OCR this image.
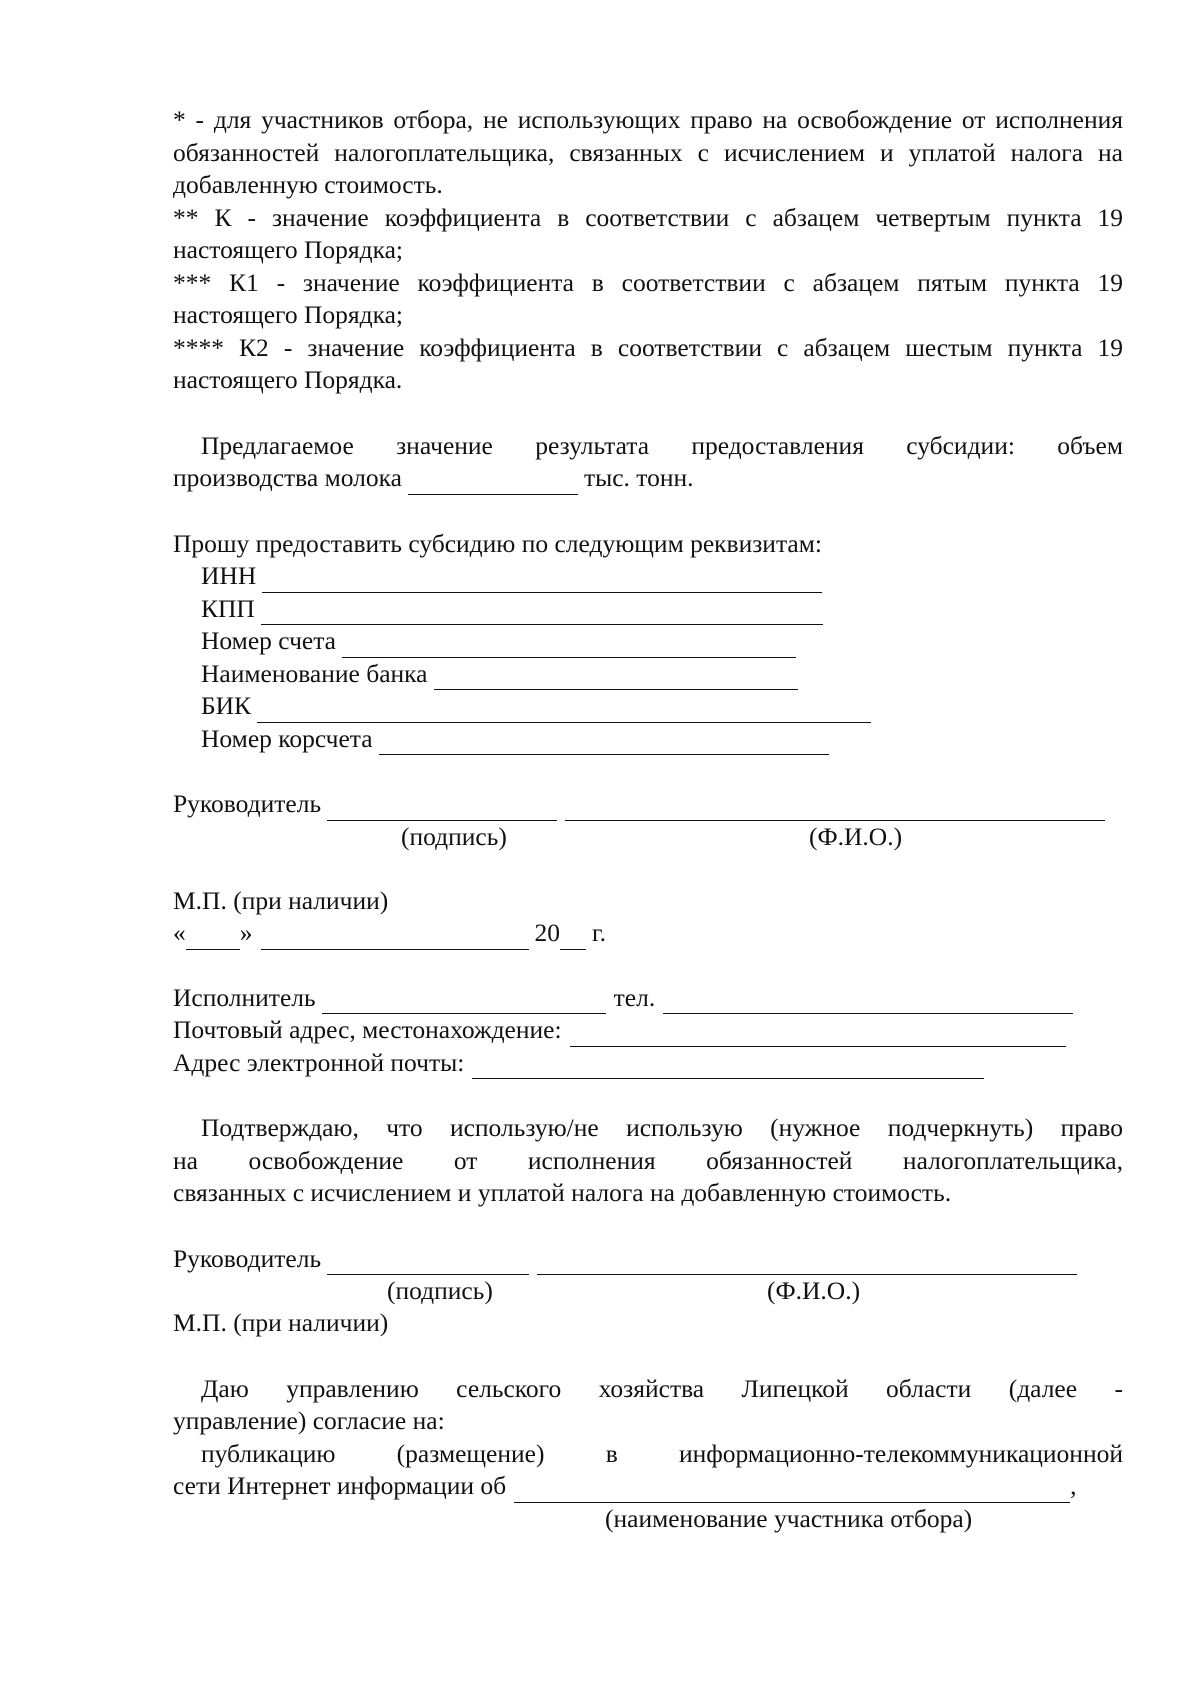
* - для участников отбора, не использующих право на освобождение от исполнения обязанностей налогоплательщика, связанных с исчислением и уплатой налога на добавленную стоимость.

** К - значение коэффициента в соответствии с абзацем четвертым пункта 19 настоящего Порядка;

*** К1 - значение коэффициента в соответствии с абзацем пятым пункта 19 настоящего Порядка;

**** К2 - значение коэффициента в соответствии с абзацем шестым пункта 19 настоящего Порядка.

Предлагаемое значение результата предоставления субсидии: объем

производства молока	тыс. тонн.

Прошу предоставить субсидию по следующим реквизитам:

ИНН
КПП
Номер счета
Наименование банка
БИК
Номер корсчета
Руководитель
(подпись)	(Ф.И.О.)

М.П. (при наличии)

« »	20 г.
Исполнитель	тел.
Почтовый адрес, местонахождение:
Адрес электронной почты:

Подтверждаю, что использую/не использую (нужное подчеркнуть) право

на освобождение от исполнения обязанностей налогоплательщика,

связанных с исчислением и уплатой налога на добавленную стоимость.

Руководитель
(подпись)	(Ф.И.О.)

М.П. (при наличии)

Даю управлению сельского хозяйства Липецкой области (далее -

управление) согласие на:

публикацию (размещение) в информационно-телекоммуникационной

сети Интернет информации об	,
(наименование участника отбора)
